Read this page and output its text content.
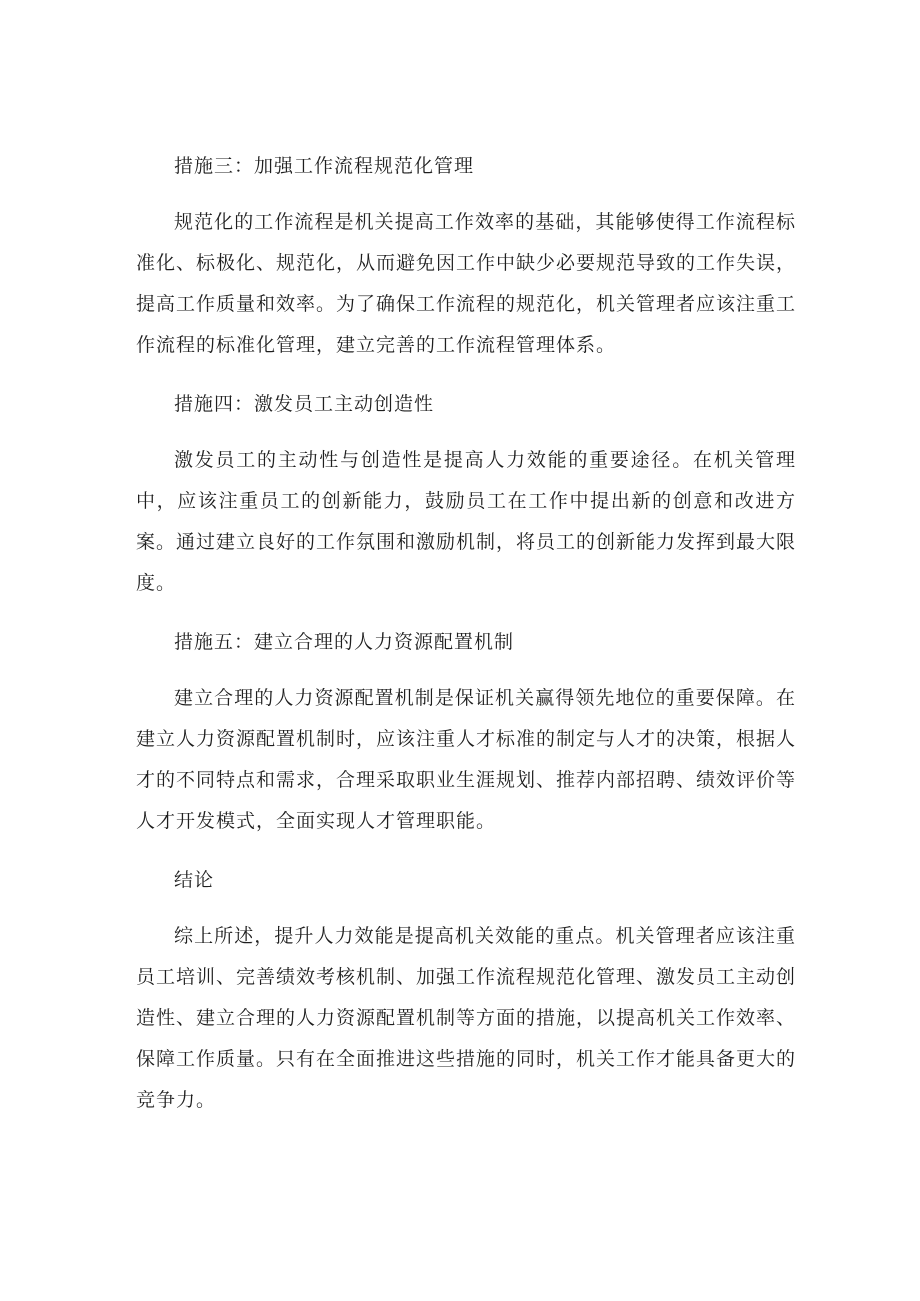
措施三：加强工作流程规范化管理

规范化的工作流程是机关提高工作效率的基础，其能够使得工作流程标准化、标极化、规范化，从而避免因工作中缺少必要规范导致的工作失误，提高工作质量和效率。为了确保工作流程的规范化，机关管理者应该注重工作流程的标准化管理，建立完善的工作流程管理体系。

措施四：激发员工主动创造性

激发员工的主动性与创造性是提高人力效能的重要途径。在机关管理中，应该注重员工的创新能力，鼓励员工在工作中提出新的创意和改进方案。通过建立良好的工作氛围和激励机制，将员工的创新能力发挥到最大限度。

措施五：建立合理的人力资源配置机制

建立合理的人力资源配置机制是保证机关赢得领先地位的重要保障。在建立人力资源配置机制时，应该注重人才标准的制定与人才的决策，根据人才的不同特点和需求，合理采取职业生涯规划、推荐内部招聘、绩效评价等人才开发模式，全面实现人才管理职能。

结论

综上所述，提升人力效能是提高机关效能的重点。机关管理者应该注重员工培训、完善绩效考核机制、加强工作流程规范化管理、激发员工主动创造性、建立合理的人力资源配置机制等方面的措施，以提高机关工作效率、保障工作质量。只有在全面推进这些措施的同时，机关工作才能具备更大的竞争力。
